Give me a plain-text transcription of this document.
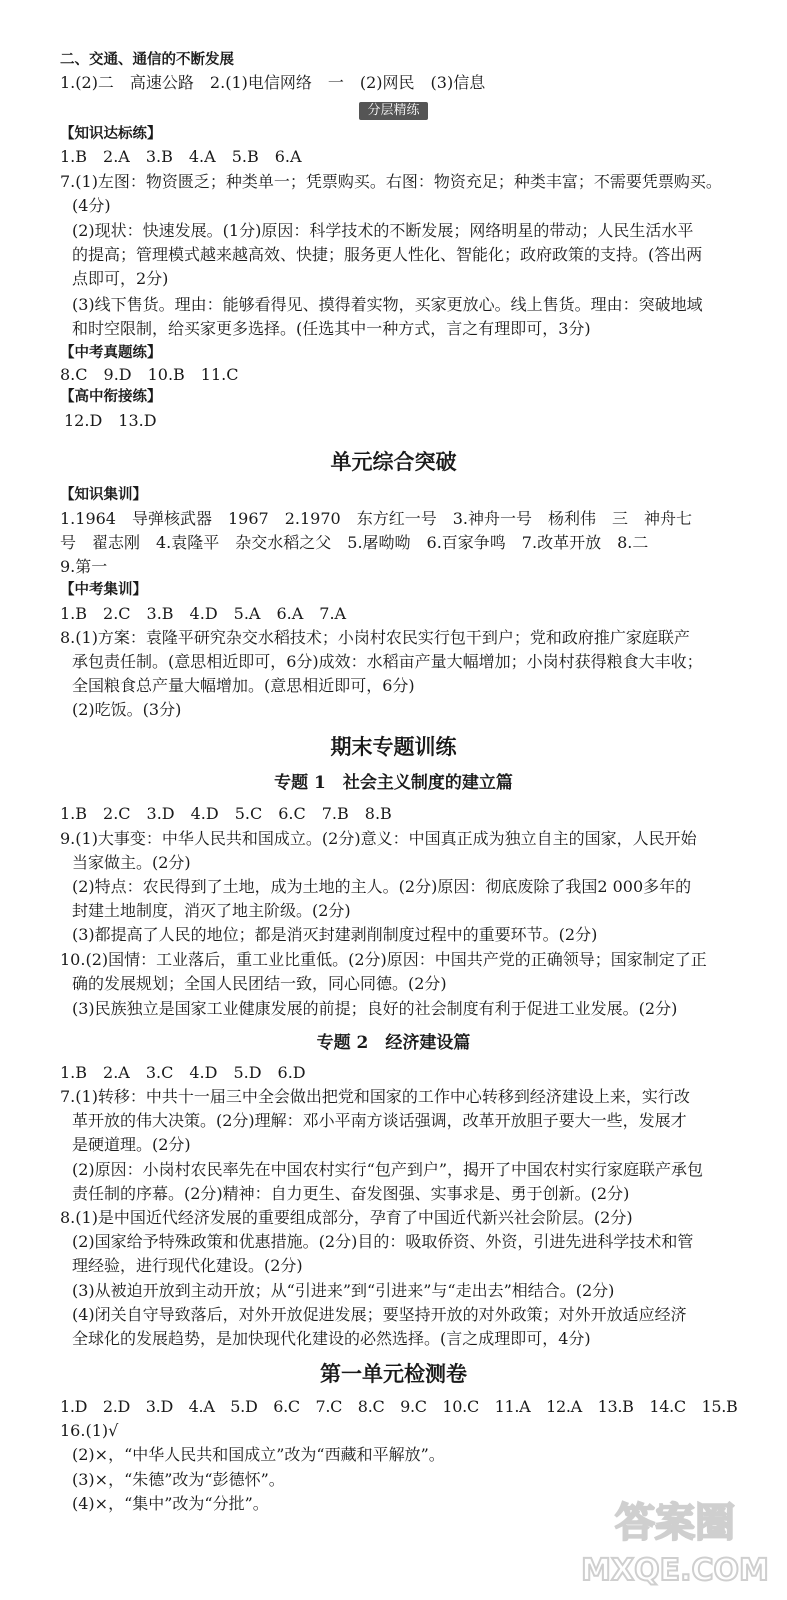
二、交通、通信的不断发展
1.(2)二　高速公路　2.(1)电信网络　一　(2)网民　(3)信息
分层精练
【知识达标练】
1.B　2.A　3.B　4.A　5.B　6.A
7.(1)左图：物资匮乏；种类单一；凭票购买。右图：物资充足；种类丰富；不需要凭票购买。
(4分)
(2)现状：快速发展。(1分)原因：科学技术的不断发展；网络明星的带动；人民生活水平
的提高；管理模式越来越高效、快捷；服务更人性化、智能化；政府政策的支持。(答出两
点即可，2分)
(3)线下售货。理由：能够看得见、摸得着实物，买家更放心。线上售货。理由：突破地域
和时空限制，给买家更多选择。(任选其中一种方式，言之有理即可，3分)
【中考真题练】
8.C　9.D　10.B　11.C
【高中衔接练】
12.D　13.D
单元综合突破
【知识集训】
1.1964　导弹核武器　1967　2.1970　东方红一号　3.神舟一号　杨利伟　三　神舟七
号　翟志刚　4.袁隆平　杂交水稻之父　5.屠呦呦　6.百家争鸣　7.改革开放　8.二
9.第一
【中考集训】
1.B　2.C　3.B　4.D　5.A　6.A　7.A
8.(1)方案：袁隆平研究杂交水稻技术；小岗村农民实行包干到户；党和政府推广家庭联产
承包责任制。(意思相近即可，6分)成效：水稻亩产量大幅增加；小岗村获得粮食大丰收；
全国粮食总产量大幅增加。(意思相近即可，6分)
(2)吃饭。(3分)
期末专题训练
专题 1　社会主义制度的建立篇
1.B　2.C　3.D　4.D　5.C　6.C　7.B　8.B
9.(1)大事变：中华人民共和国成立。(2分)意义：中国真正成为独立自主的国家，人民开始
当家做主。(2分)
(2)特点：农民得到了土地，成为土地的主人。(2分)原因：彻底废除了我国2 000多年的
封建土地制度，消灭了地主阶级。(2分)
(3)都提高了人民的地位；都是消灭封建剥削制度过程中的重要环节。(2分)
10.(2)国情：工业落后，重工业比重低。(2分)原因：中国共产党的正确领导；国家制定了正
确的发展规划；全国人民团结一致，同心同德。(2分)
(3)民族独立是国家工业健康发展的前提；良好的社会制度有利于促进工业发展。(2分)
专题 2　经济建设篇
1.B　2.A　3.C　4.D　5.D　6.D
7.(1)转移：中共十一届三中全会做出把党和国家的工作中心转移到经济建设上来，实行改
革开放的伟大决策。(2分)理解：邓小平南方谈话强调，改革开放胆子要大一些，发展才
是硬道理。(2分)
(2)原因：小岗村农民率先在中国农村实行“包产到户”，揭开了中国农村实行家庭联产承包
责任制的序幕。(2分)精神：自力更生、奋发图强、实事求是、勇于创新。(2分)
8.(1)是中国近代经济发展的重要组成部分，孕育了中国近代新兴社会阶层。(2分)
(2)国家给予特殊政策和优惠措施。(2分)目的：吸取侨资、外资，引进先进科学技术和管
理经验，进行现代化建设。(2分)
(3)从被迫开放到主动开放；从“引进来”到“引进来”与“走出去”相结合。(2分)
(4)闭关自守导致落后，对外开放促进发展；要坚持开放的对外政策；对外开放适应经济
全球化的发展趋势，是加快现代化建设的必然选择。(言之成理即可，4分)
第一单元检测卷
1.D　2.D　3.D　4.A　5.D　6.C　7.C　8.C　9.C　10.C　11.A　12.A　13.B　14.C　15.B
16.(1)√
(2)×，“中华人民共和国成立”改为“西藏和平解放”。
(3)×，“朱德”改为“彭德怀”。
(4)×，“集中”改为“分批”。	答案圈
MXQE.COM
